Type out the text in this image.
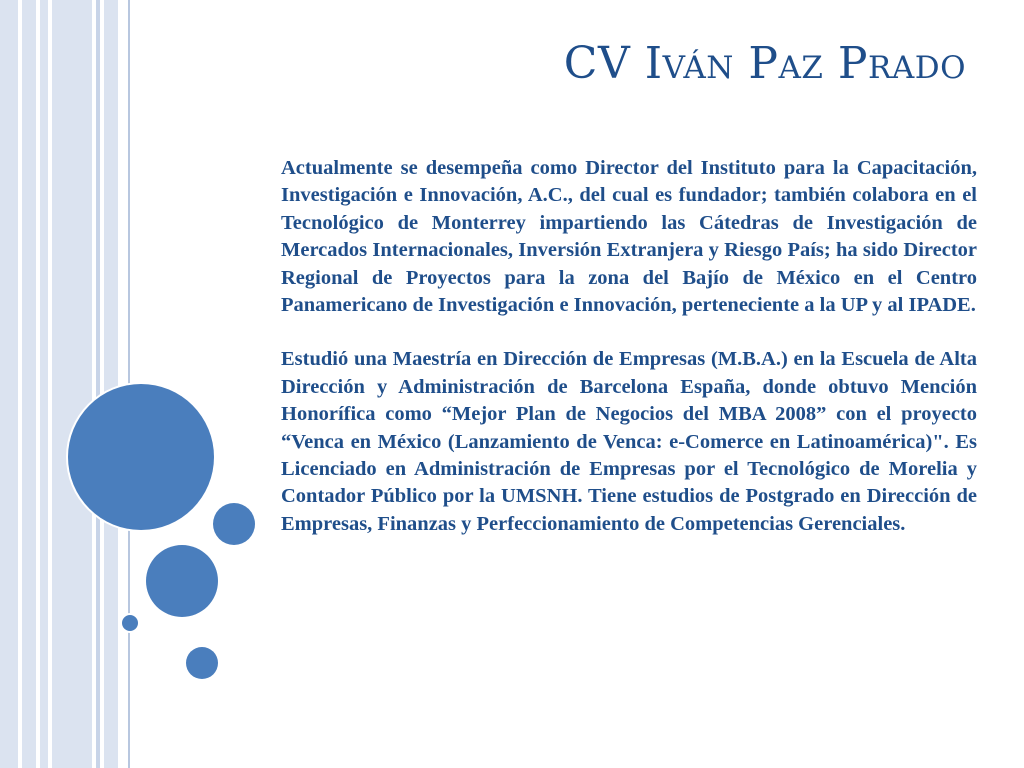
CV Iván Paz Prado

Actualmente se desempeña como Director del Instituto para la Capacitación, Investigación e Innovación, A.C., del cual es fundador; también colabora en el Tecnológico de Monterrey impartiendo las Cátedras de Investigación de Mercados Internacionales, Inversión Extranjera y Riesgo País; ha sido Director Regional de Proyectos para la zona del Bajío de México en el Centro Panamericano de Investigación e Innovación, perteneciente a la UP y al IPADE.

Estudió una Maestría en Dirección de Empresas (M.B.A.) en la Escuela de Alta Dirección y Administración de Barcelona España, donde obtuvo Mención Honorífica como “Mejor Plan de Negocios del MBA 2008” con el proyecto “Venca en México (Lanzamiento de Venca: e-Comerce en Latinoamérica)". Es Licenciado en Administración de Empresas por el Tecnológico de Morelia y Contador Público por la UMSNH. Tiene estudios de Postgrado en Dirección de Empresas, Finanzas y Perfeccionamiento de Competencias Gerenciales.
